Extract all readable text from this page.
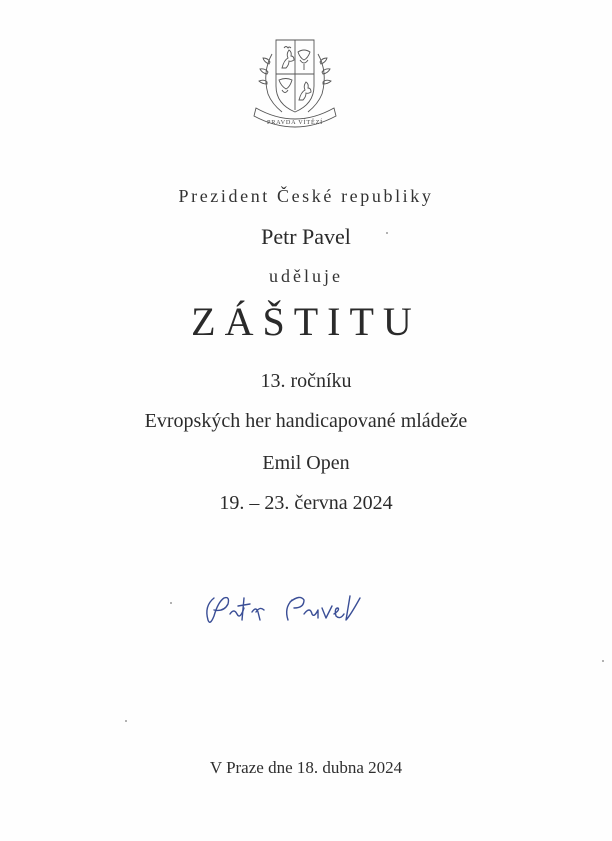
PRAVDA VÍTĚZÍ
Prezident České republiky
Petr Pavel
uděluje
ZÁŠTITU
13. ročníku
Evropských her handicapované mládeže
Emil Open
19. – 23. června 2024
V Praze dne 18. dubna 2024
